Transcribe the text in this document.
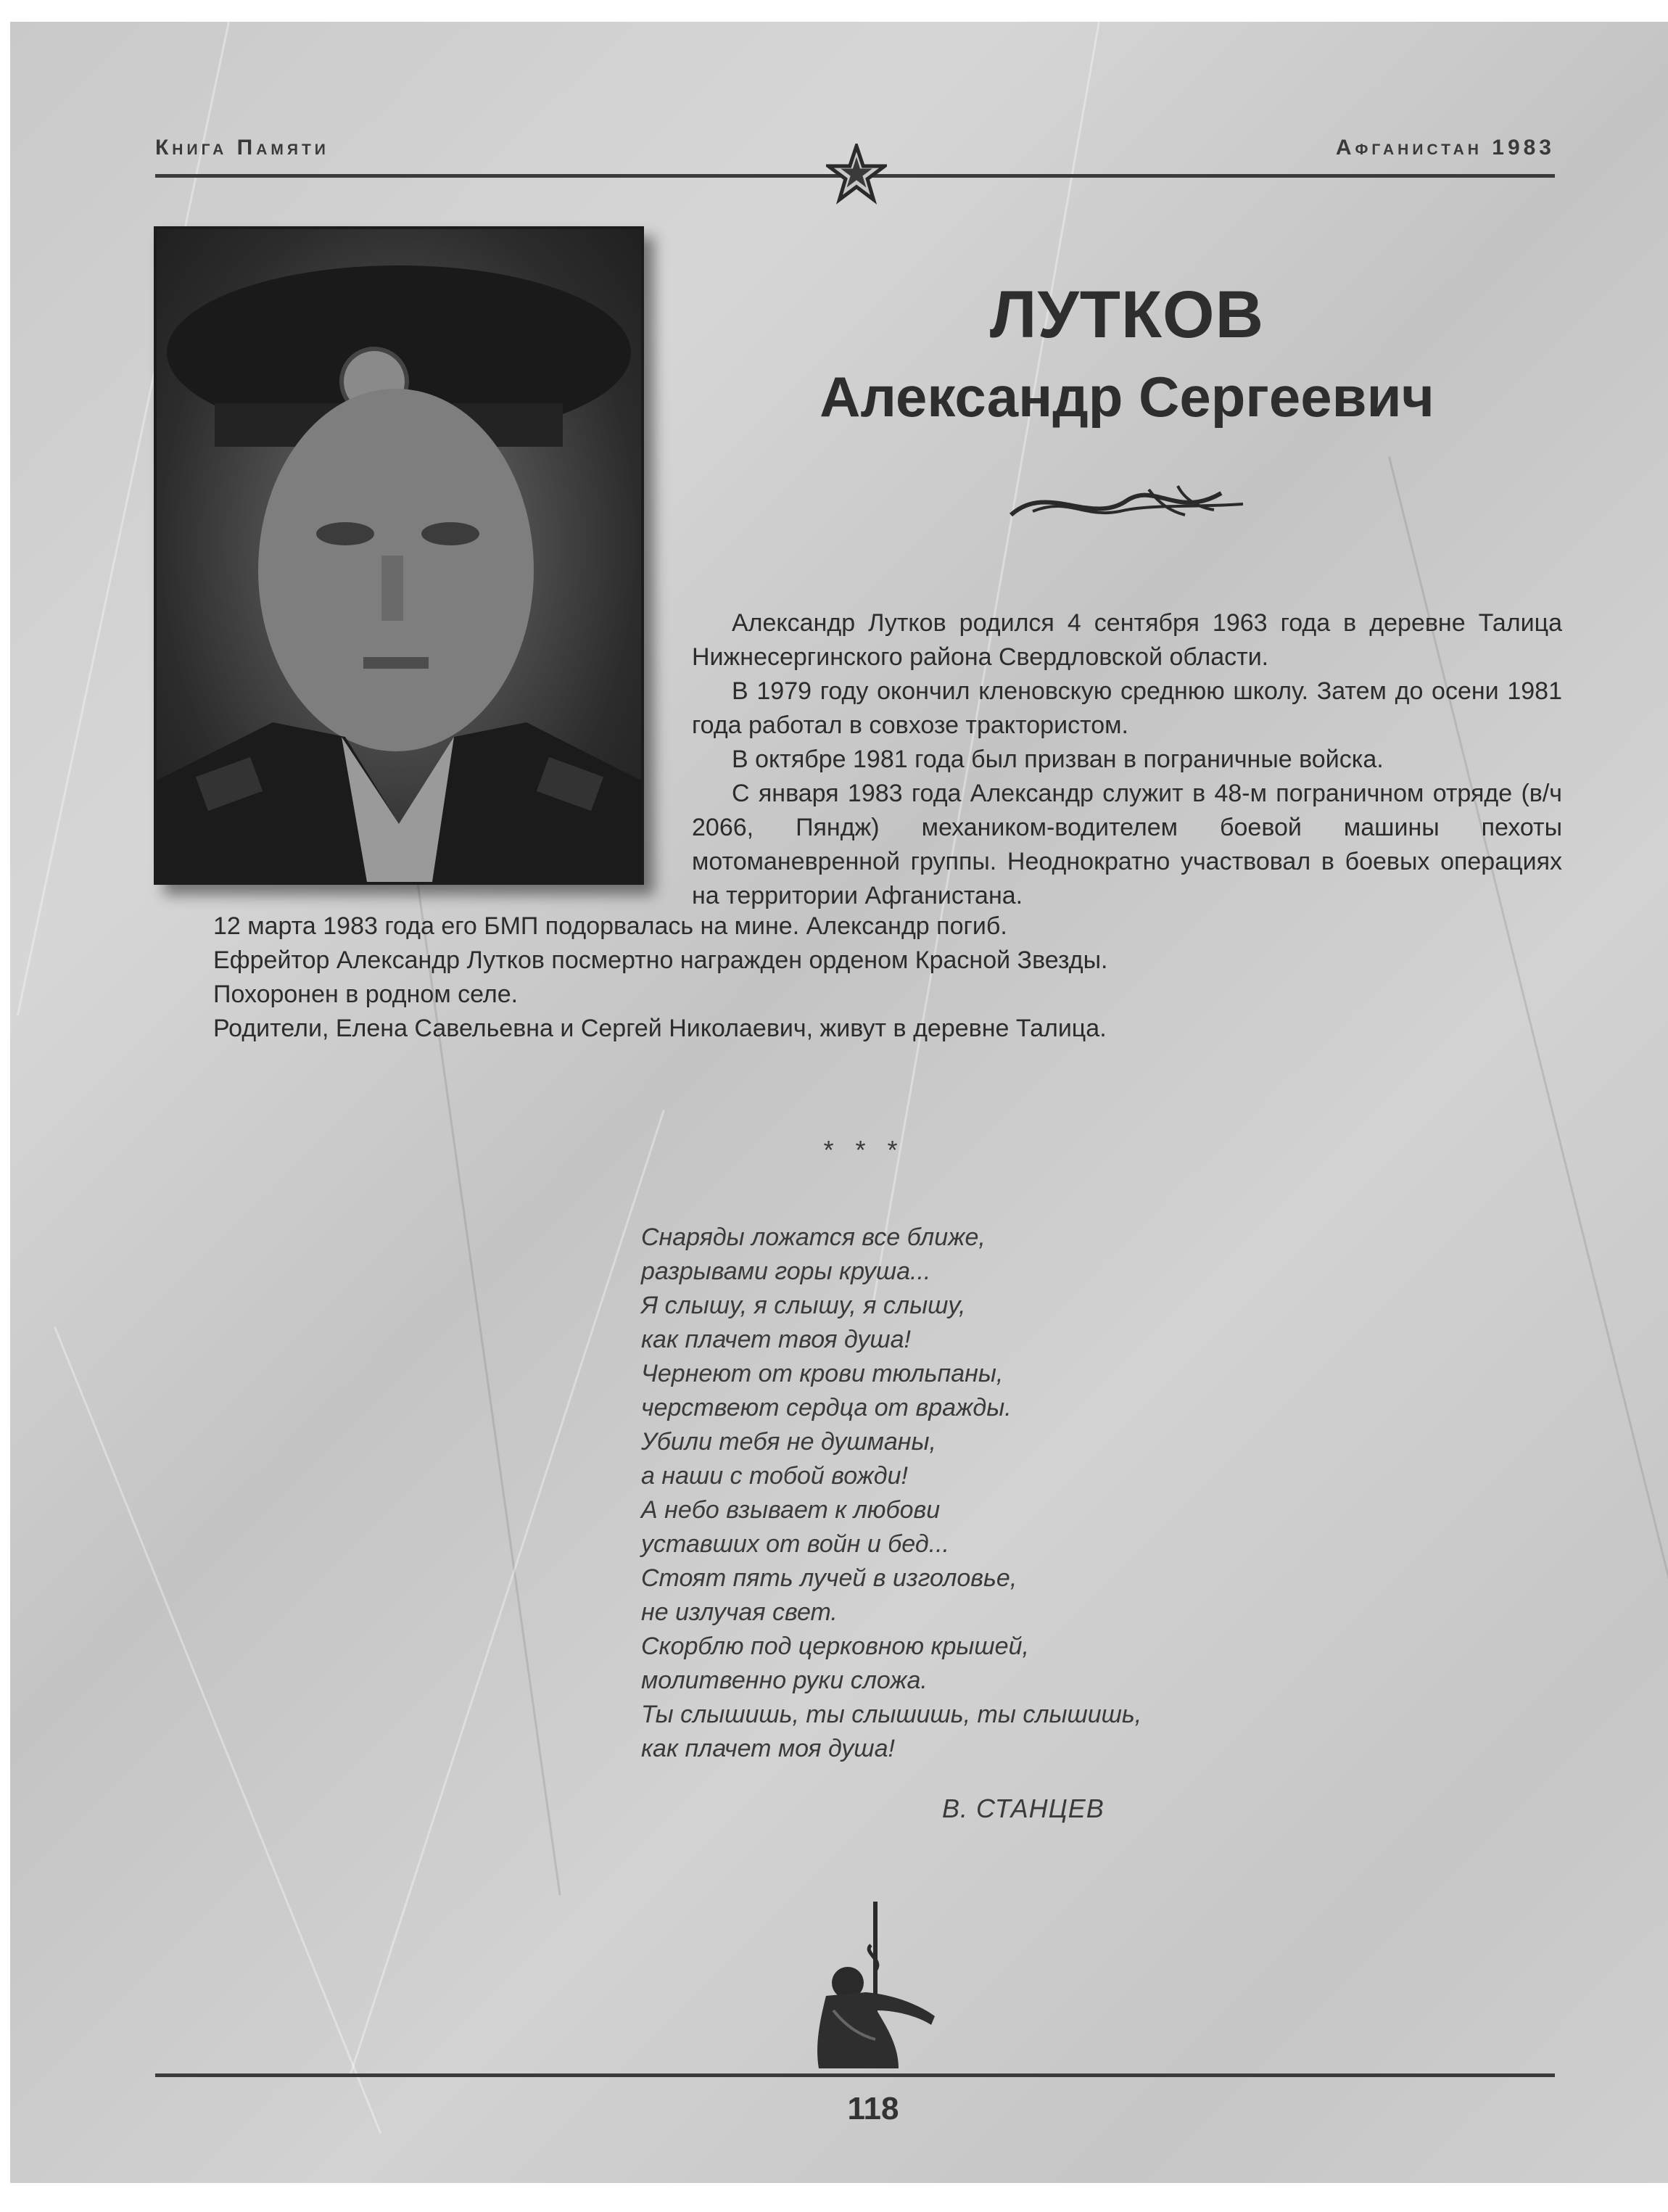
Книга Памяти	Афганистан 1983
ЛУТКОВ
Александр Сергеевич

Александр Лутков родился 4 сентября 1963 года в деревне Талица Нижнесергинского района Свердловской области.

В 1979 году окончил кленовскую среднюю школу. Затем до осени 1981 года работал в совхозе трактористом.

В октябре 1981 года был призван в пограничные войска.

С января 1983 года Александр служит в 48-м пограничном отряде (в/ч 2066, Пяндж) механиком-водителем боевой машины пехоты мотоманевренной группы. Неоднократно участвовал в боевых операциях на территории Афганистана.

12 марта 1983 года его БМП подорвалась на мине. Александр погиб.

Ефрейтор Александр Лутков посмертно награжден орденом Красной Звезды.

Похоронен в родном селе.

Родители, Елена Савельевна и Сергей Николаевич, живут в деревне Талица.

* * *
Снаряды ложатся все ближе,
разрывами горы круша...
Я слышу, я слышу, я слышу,
как плачет твоя душа!
Чернеют от крови тюльпаны,
черствеют сердца от вражды.
Убили тебя не душманы,
а наши с тобой вожди!
А небо взывает к любови
уставших от войн и бед...
Стоят пять лучей в изголовье,
не излучая свет.
Скорблю под церковною крышей,
молитвенно руки сложа.
Ты слышишь, ты слышишь, ты слышишь,
как плачет моя душа!
В. СТАНЦЕВ
118
